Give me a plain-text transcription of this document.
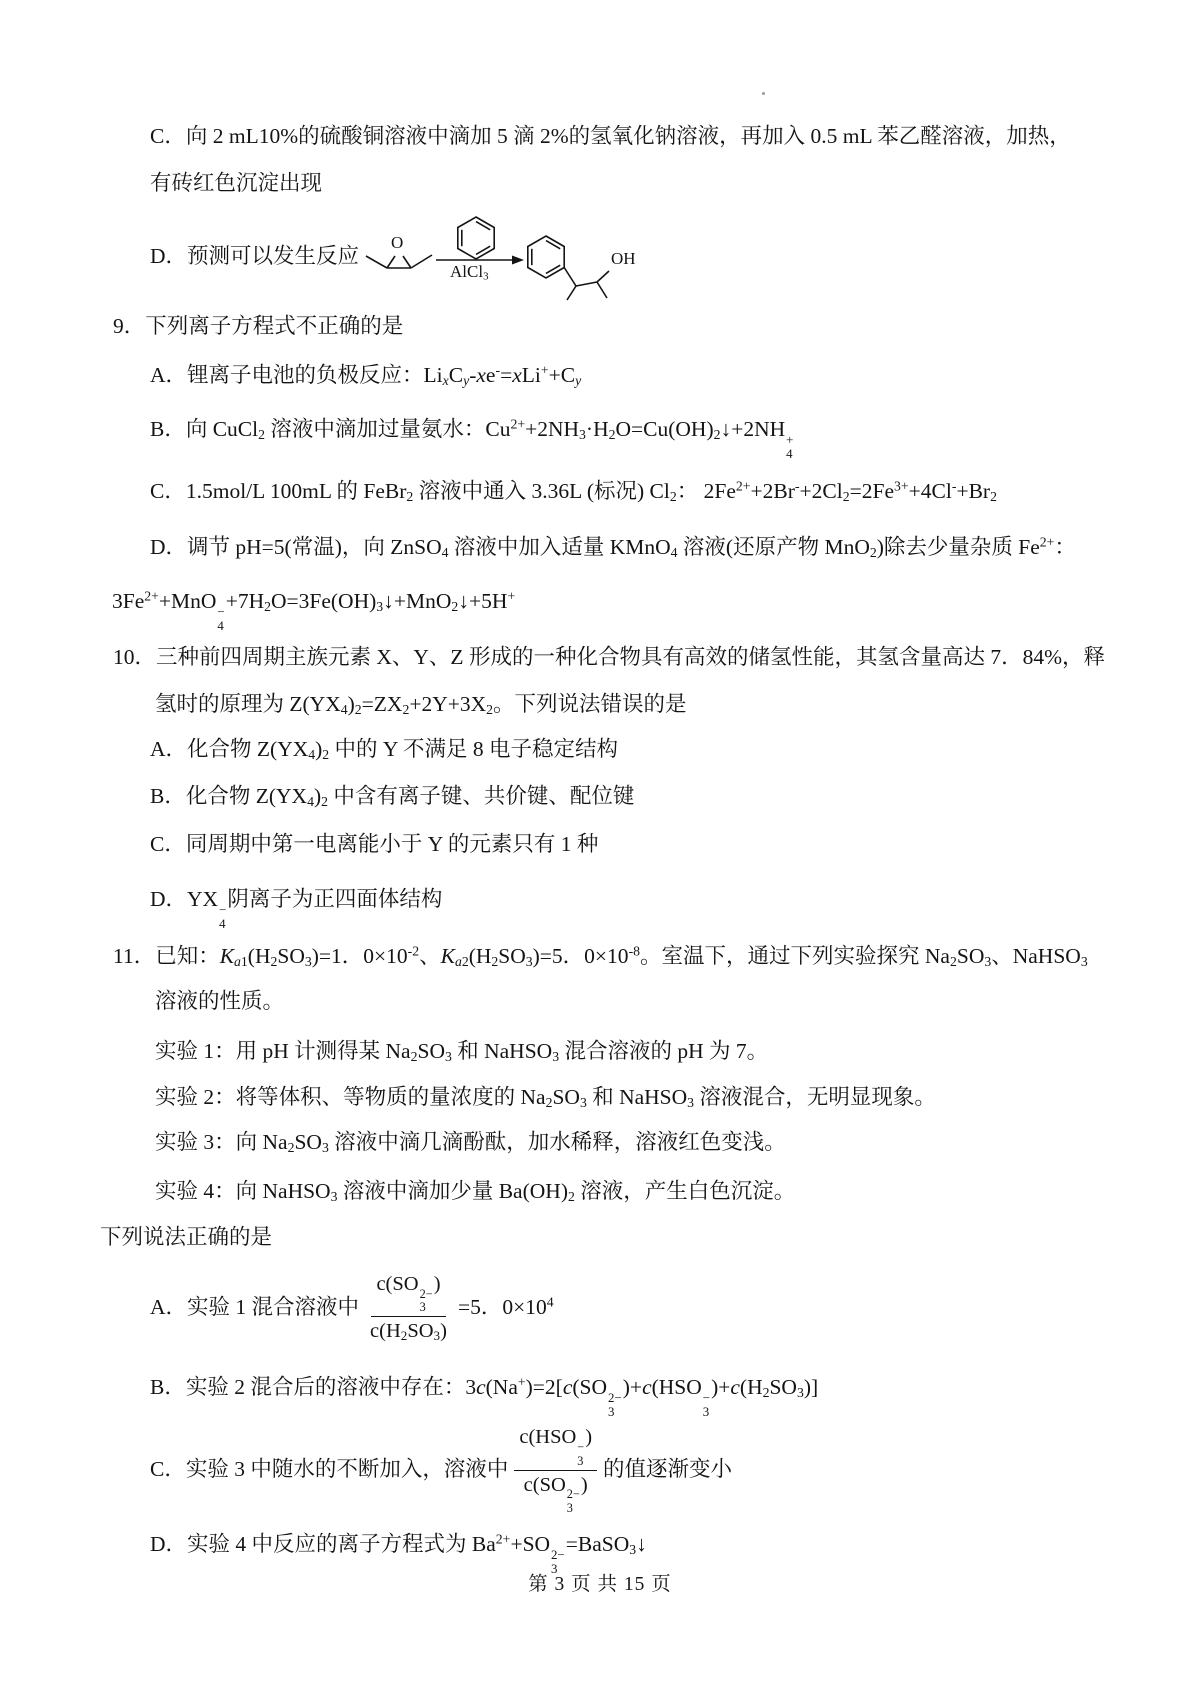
C．向 2 mL10%的硫酸铜溶液中滴加 5 滴 2%的氢氧化钠溶液，再加入 0.5 mL 苯乙醛溶液，加热，
有砖红色沉淀出现
D．预测可以发生反应
O
AlCl$_3$
OH
9．下列离子方程式不正确的是
A．锂离子电池的负极反应：$Li_xC_y-xe^-=xLi^++C_y$
B．向 CuCl$_2$ 溶液中滴加过量氨水：$Cu^{2+}+2NH_3\cdot H_2O=Cu(OH)_2↓+2NH$ +
4
C．1.5mol/L 100mL 的 FeBr$_2$ 溶液中通入 3.36L (标况) $Cl_2$： $2Fe^{2+}+2Br^-+2Cl_2=2Fe^{3+}+4Cl^-+Br_2$
D．调节 pH=5(常温)，向 ZnSO$_4$ 溶液中加入适量 KMnO$_4$ 溶液(还原产物 MnO$_2$)除去少量杂质 $Fe^{2+}$：
$3Fe^{2+}+MnO$ −
4
$+7H_2O=3Fe(OH)_3↓+MnO_2↓+5H^+$
10．三种前四周期主族元素 X、Y、Z 形成的一种化合物具有高效的储氢性能，其氢含量高达 7．84%，释
氢时的原理为 $Z(YX_4)_2=ZX_2+2Y+3X_2$。下列说法错误的是
A．化合物 $Z(YX_4)_2$ 中的 Y 不满足 8 电子稳定结构
B．化合物 $Z(YX_4)_2$ 中含有离子键、共价键、配位键
C．同周期中第一电离能小于 Y 的元素只有 1 种
D．YX −
4
阴离子为正四面体结构
11．已知：$K_{a1}(H_2SO_3)=1$．$0\times 10^{-2}$、$K_{a2}(H_2SO_3)=5$．$0\times 10^{-8}$。室温下，通过下列实验探究 $Na_2SO_3$、NaHSO$_3$
溶液的性质。
实验 1：用 pH 计测得某 $Na_2SO_3$ 和 NaHSO$_3$ 混合溶液的 pH 为 7。
实验 2：将等体积、等物质的量浓度的 $Na_2SO_3$ 和 NaHSO$_3$ 溶液混合，无明显现象。
实验 3：向 $Na_2SO_3$ 溶液中滴几滴酚酞，加水稀释，溶液红色变浅。
实验 4：向 NaHSO$_3$ 溶液中滴加少量 $Ba(OH)_2$ 溶液，产生白色沉淀。
下列说法正确的是
A．实验 1 混合溶液中 c(SO 2−
3
)
$c(H_2SO_3) =5$．$0\times 10^4$
B．实验 2 混合后的溶液中存在：3c(Na+)=2[c(SO 2−
3
)+c(HSO −
3
)$+c(H_2SO_3)$]
C．实验 3 中随水的不断加入，溶液中 c(HSO −
3
)
c(SO 2−
3
) 的值逐渐变小
D．实验 4 中反应的离子方程式为 $Ba^{2+}+SO$ 2−
3
=BaSO$_3$↓
第 3 页 共 15 页
